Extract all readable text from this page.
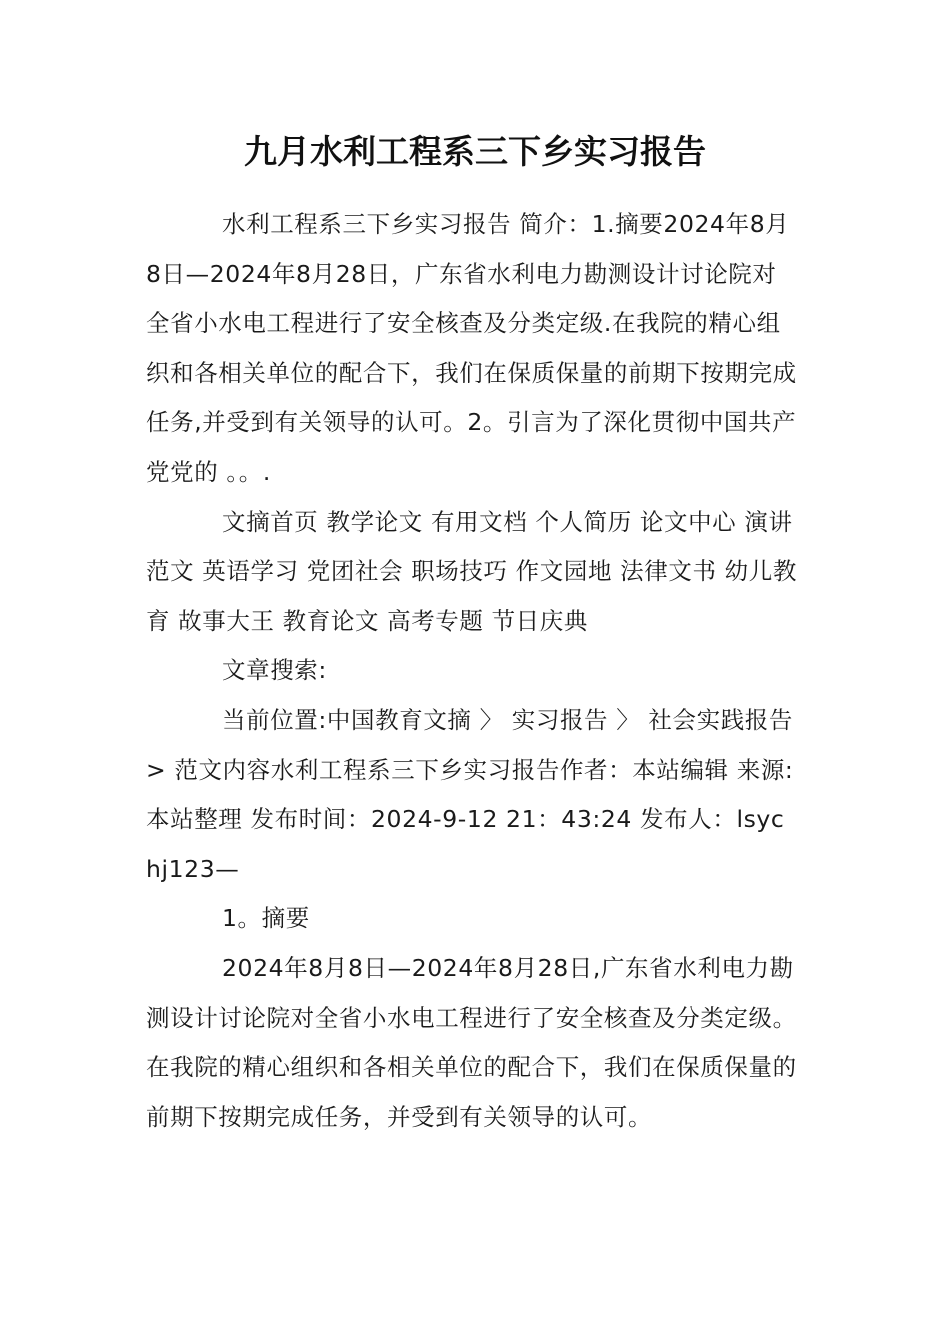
九月水利工程系三下乡实习报告

水利工程系三下乡实习报告 简介：1.摘要2024年8月8日—2024年8月28日，广东省水利电力勘测设计讨论院对全省小水电工程进行了安全核查及分类定级.在我院的精心组织和各相关单位的配合下，我们在保质保量的前期下按期完成任务,并受到有关领导的认可。2。引言为了深化贯彻中国共产党党的 。。.

文摘首页 教学论文 有用文档 个人简历 论文中心 演讲范文 英语学习 党团社会 职场技巧 作文园地 法律文书 幼儿教育 故事大王 教育论文 高考专题 节日庆典

文章搜索:

当前位置:中国教育文摘 〉 实习报告 〉 社会实践报告 > 范文内容水利工程系三下乡实习报告作者：本站编辑 来源:本站整理 发布时间：2024-9-12 21：43:24 发布人：lsychj123—

1。摘要

2024年8月8日—2024年8月28日,广东省水利电力勘测设计讨论院对全省小水电工程进行了安全核查及分类定级。在我院的精心组织和各相关单位的配合下，我们在保质保量的前期下按期完成任务，并受到有关领导的认可。
